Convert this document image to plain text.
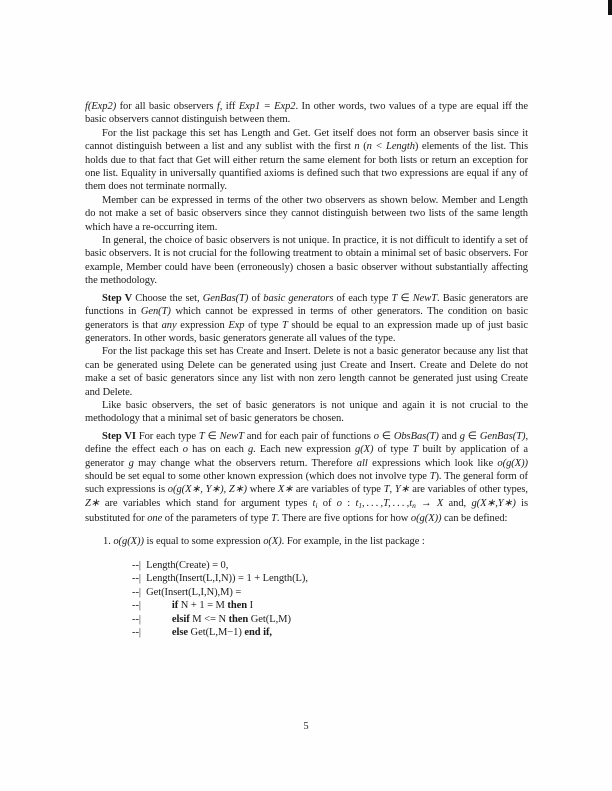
f(Exp2) for all basic observers f, iff Exp1 = Exp2. In other words, two values of a type are equal iff the basic observers cannot distinguish between them.
For the list package this set has Length and Get. Get itself does not form an observer basis since it cannot distinguish between a list and any sublist with the first n (n < Length) elements of the list. This holds due to that fact that Get will either return the same element for both lists or return an exception for one list. Equality in universally quantified axioms is defined such that two expressions are equal if any of them does not terminate normally.
Member can be expressed in terms of the other two observers as shown below. Member and Length do not make a set of basic observers since they cannot distinguish between two lists of the same length which have a re-occurring item.
In general, the choice of basic observers is not unique. In practice, it is not difficult to identify a set of basic observers. It is not crucial for the following treatment to obtain a minimal set of basic observers. For example, Member could have been (erroneously) chosen a basic observer without substantially affecting the methodology.
Step V Choose the set, GenBas(T) of basic generators of each type T ∈ NewT. Basic generators are functions in Gen(T) which cannot be expressed in terms of other generators. The condition on basic generators is that any expression Exp of type T should be equal to an expression made up of just basic generators. In other words, basic generators generate all values of the type.
For the list package this set has Create and Insert. Delete is not a basic generator because any list that can be generated using Delete can be generated using just Create and Insert. Create and Delete do not make a set of basic generators since any list with non zero length cannot be generated just using Create and Delete.
Like basic observers, the set of basic generators is not unique and again it is not crucial to the methodology that a minimal set of basic generators be chosen.
Step VI For each type T ∈ NewT and for each pair of functions o ∈ ObsBas(T) and g ∈ GenBas(T), define the effect each o has on each g. Each new expression g(X) of type T built by application of a generator g may change what the observers return. Therefore all expressions which look like o(g(X)) should be set equal to some other known expression (which does not involve type T). The general form of such expressions is o(g(X∗, Y∗), Z∗) where X∗ are variables of type T, Y∗ are variables of other types, Z∗ are variables which stand for argument types $t_i$ of o : $t_1$, . . . ,T, . . . $,t_n \to X$ and, g(X∗,Y∗) is substituted for one of the parameters of type T. There are five options for how o(g(X)) can be defined:
1. o(g(X)) is equal to some expression o(X). For example, in the list package :
--|  Length(Create) = 0,
--|  Length(Insert(L,I,N)) = 1 + Length(L),
--|  Get(Insert(L,I,N),M) =
--|            if N + 1 = M then I
--|            elsif M <= N then Get(L,M)
--|            else Get(L,M−1) end if,
5
